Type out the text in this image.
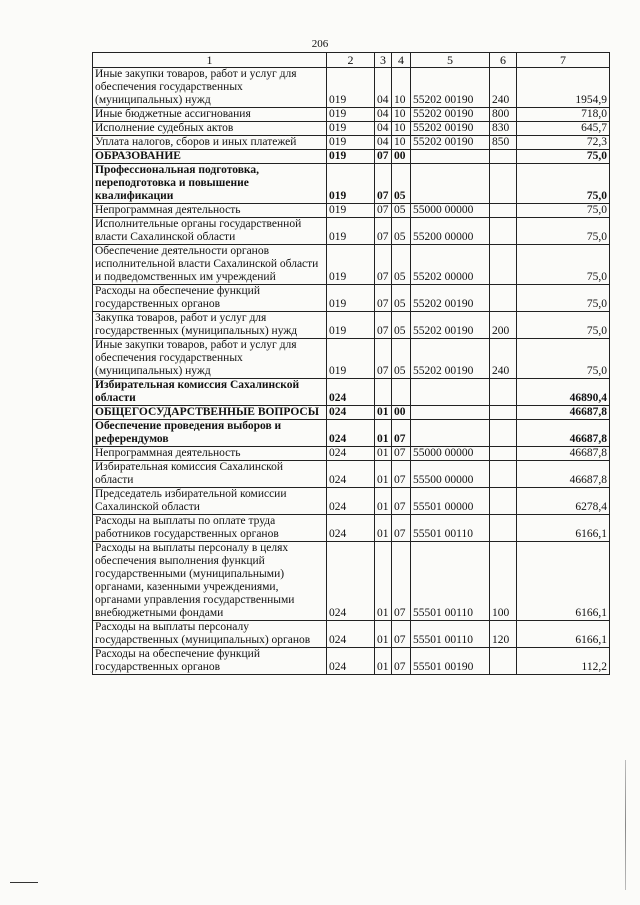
206
1	2	3	4	5	6	7
Иные закупки товаров, работ и услуг для обеспечения государственных (муниципальных) нужд	019	04	10	55202 00190	240	1954,9
Иные бюджетные ассигнования	019	04	10	55202 00190	800	718,0
Исполнение судебных актов	019	04	10	55202 00190	830	645,7
Уплата налогов, сборов и иных платежей	019	04	10	55202 00190	850	72,3
ОБРАЗОВАНИЕ	019	07	00			75,0
Профессиональная подготовка, переподготовка и повышение квалификации	019	07	05			75,0
Непрограммная деятельность	019	07	05	55000 00000		75,0
Исполнительные органы государственной власти Сахалинской области	019	07	05	55200 00000		75,0
Обеспечение деятельности органов исполнительной власти Сахалинской области и подведомственных им учреждений	019	07	05	55202 00000		75,0
Расходы на обеспечение функций государственных органов	019	07	05	55202 00190		75,0
Закупка товаров, работ и услуг для государственных (муниципальных) нужд	019	07	05	55202 00190	200	75,0
Иные закупки товаров, работ и услуг для обеспечения государственных (муниципальных) нужд	019	07	05	55202 00190	240	75,0
Избирательная комиссия Сахалинской области	024					46890,4
ОБЩЕГОСУДАРСТВЕННЫЕ ВОПРОСЫ	024	01	00			46687,8
Обеспечение проведения выборов и референдумов	024	01	07			46687,8
Непрограммная деятельность	024	01	07	55000 00000		46687,8
Избирательная комиссия Сахалинской области	024	01	07	55500 00000		46687,8
Председатель избирательной комиссии Сахалинской области	024	01	07	55501 00000		6278,4
Расходы на выплаты по оплате труда работников государственных органов	024	01	07	55501 00110		6166,1
Расходы на выплаты персоналу в целях обеспечения выполнения функций государственными (муниципальными) органами, казенными учреждениями, органами управления государственными внебюджетными фондами	024	01	07	55501 00110	100	6166,1
Расходы на выплаты персоналу государственных (муниципальных) органов	024	01	07	55501 00110	120	6166,1
Расходы на обеспечение функций государственных органов	024	01	07	55501 00190		112,2
